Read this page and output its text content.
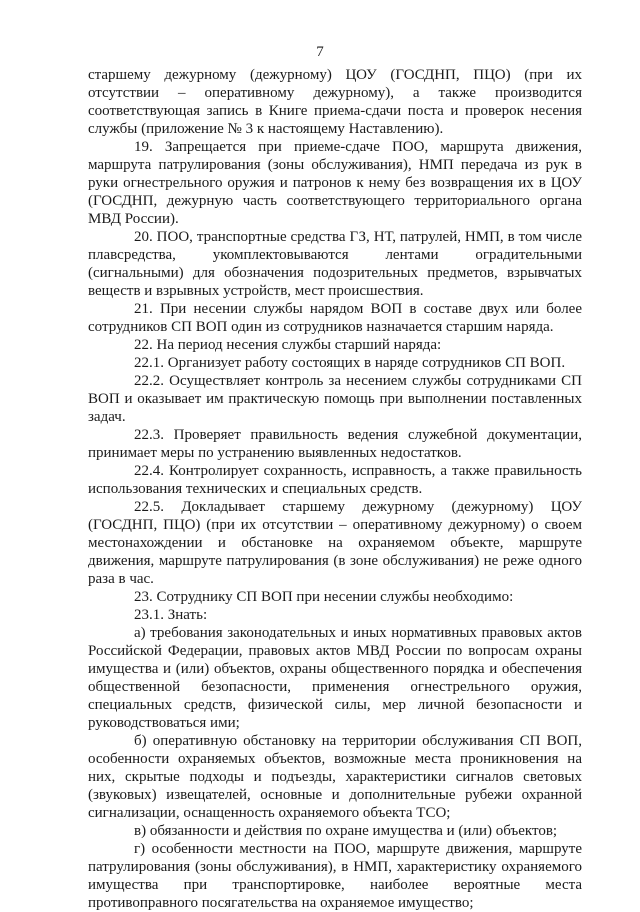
7

старшему дежурному (дежурному) ЦОУ (ГОСДНП, ПЦО) (при их отсутствии – оперативному дежурному), а также производится соответствующая запись в Книге приема-сдачи поста и проверок несения службы (приложение № 3 к настоящему Наставлению).

19. Запрещается при приеме-сдаче ПОО, маршрута движения, маршрута патрулирования (зоны обслуживания), НМП передача из рук в руки огнестрельного оружия и патронов к нему без возвращения их в ЦОУ (ГОСДНП, дежурную часть соответствующего территориального органа МВД России).

20. ПОО, транспортные средства ГЗ, НТ, патрулей, НМП, в том числе плавсредства, укомплектовываются лентами оградительными (сигнальными) для обозначения подозрительных предметов, взрывчатых веществ и взрывных устройств, мест происшествия.

21. При несении службы нарядом ВОП в составе двух или более сотрудников СП ВОП один из сотрудников назначается старшим наряда.

22. На период несения службы старший наряда:

22.1. Организует работу состоящих в наряде сотрудников СП ВОП.

22.2. Осуществляет контроль за несением службы сотрудниками СП ВОП и оказывает им практическую помощь при выполнении поставленных задач.

22.3. Проверяет правильность ведения служебной документации, принимает меры по устранению выявленных недостатков.

22.4. Контролирует сохранность, исправность, а также правильность использования технических и специальных средств.

22.5. Докладывает старшему дежурному (дежурному) ЦОУ (ГОСДНП, ПЦО) (при их отсутствии – оперативному дежурному) о своем местонахождении и обстановке на охраняемом объекте, маршруте движения, маршруте патрулирования (в зоне обслуживания) не реже одного раза в час.

23. Сотруднику СП ВОП при несении службы необходимо:

23.1. Знать:

а) требования законодательных и иных нормативных правовых актов Российской Федерации, правовых актов МВД России по вопросам охраны имущества и (или) объектов, охраны общественного порядка и обеспечения общественной безопасности, применения огнестрельного оружия, специальных средств, физической силы, мер личной безопасности и руководствоваться ими;

б) оперативную обстановку на территории обслуживания СП ВОП, особенности охраняемых объектов, возможные места проникновения на них, скрытые подходы и подъезды, характеристики сигналов световых (звуковых) извещателей, основные и дополнительные рубежи охранной сигнализации, оснащенность охраняемого объекта ТСО;

в) обязанности и действия по охране имущества и (или) объектов;

г) особенности местности на ПОО, маршруте движения, маршруте патрулирования (зоны обслуживания), в НМП, характеристику охраняемого имущества при транспортировке, наиболее вероятные места противоправного посягательства на охраняемое имущество;
